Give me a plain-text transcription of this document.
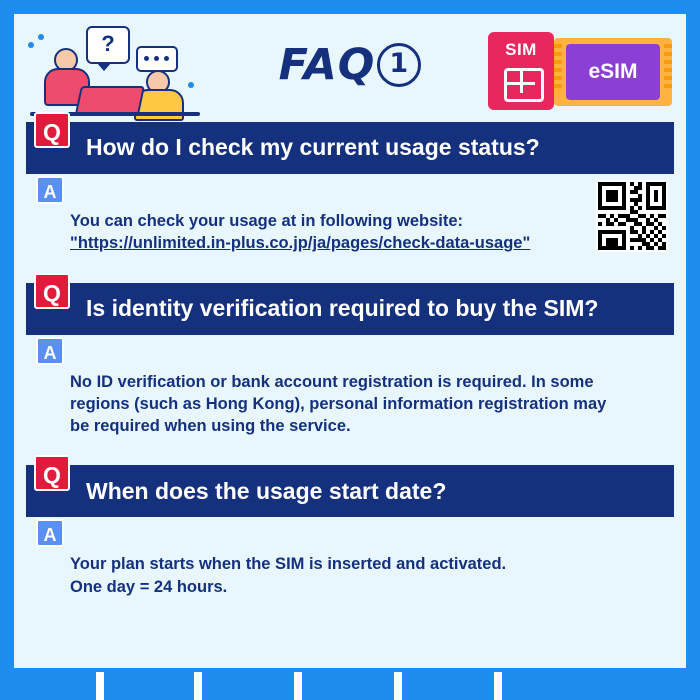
?	FAQ 1	eSIM
SIM
Q
How do I check my current usage status?
A
You can check your usage at in following website:
"https://unlimited.in-plus.co.jp/ja/pages/check-data-usage"
Q
Is identity verification required to buy the SIM?
A
No ID verification or bank account registration is required. In some
regions (such as Hong Kong), personal information registration may
be required when using the service.
Q
When does the usage start date?
A
Your plan starts when the SIM is inserted and activated.
One day = 24 hours.
